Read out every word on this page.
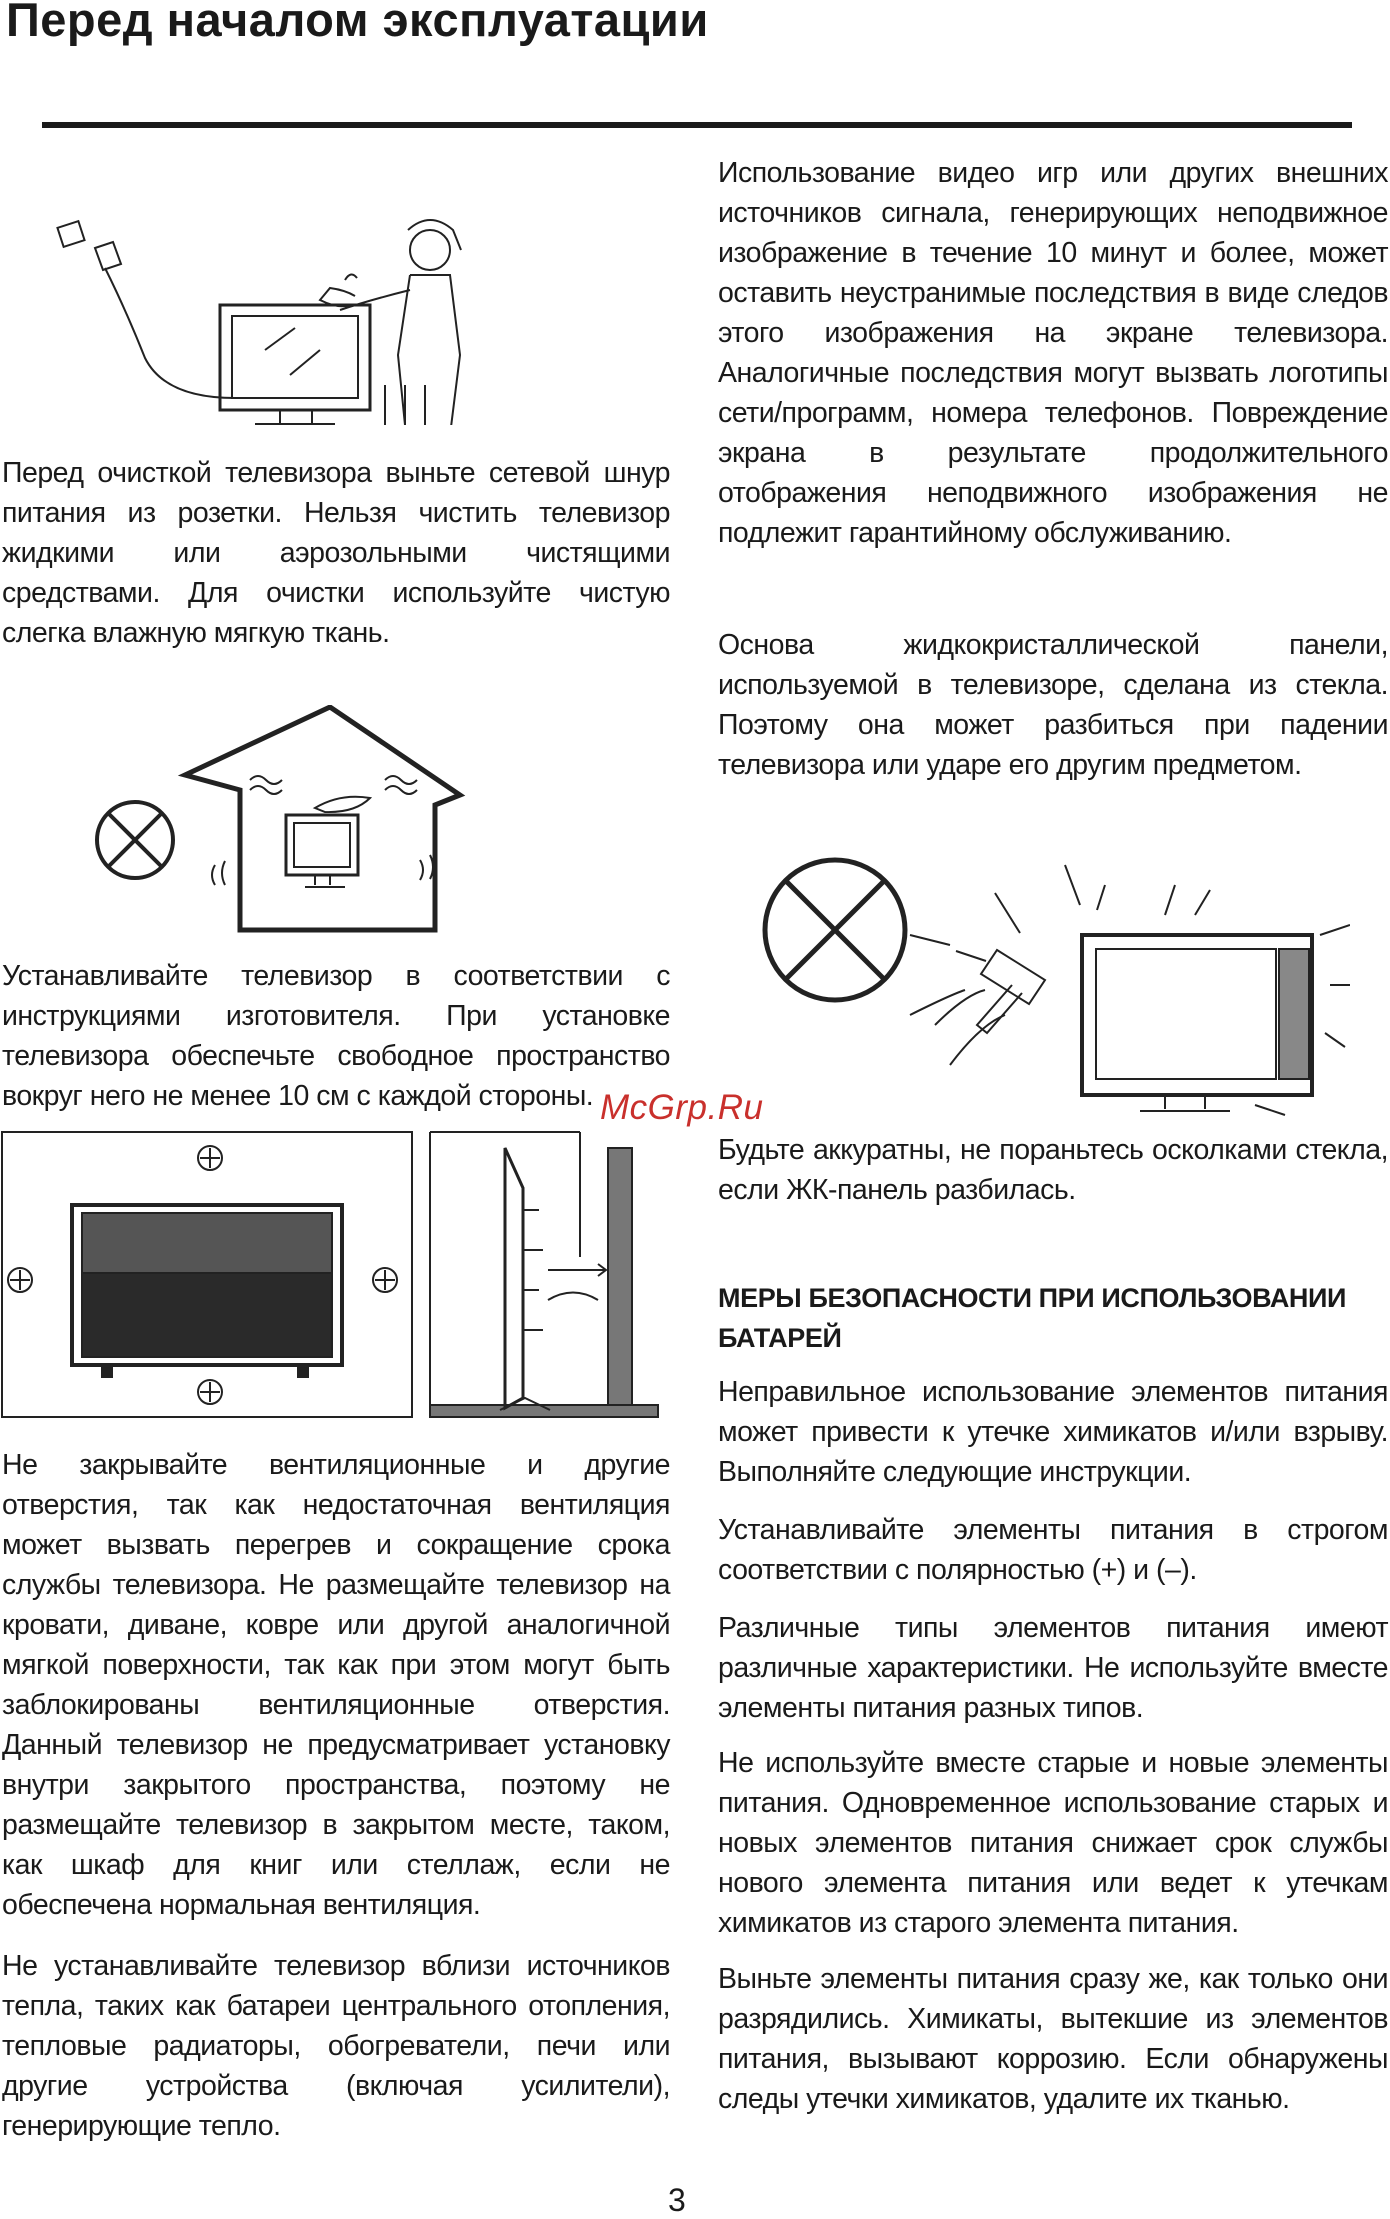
Перед началом эксплуатации

Перед очисткой телевизора выньте сетевой шнур питания из розетки. Нельзя чистить телевизор жидкими или аэрозольными чистящими средствами. Для очистки используйте чистую слегка влажную мягкую ткань.

Устанавливайте телевизор в соответствии с инструкциями изготовителя. При установке телевизора обеспечьте свободное пространство вокруг него не менее 10 см с каждой стороны.

Не закрывайте вентиляционные и другие отверстия, так как недостаточная вентиляция может вызвать перегрев и сокращение срока службы телевизора. Не размещайте телевизор на кровати, диване, ковре или другой аналогичной мягкой поверхности, так как при этом могут быть заблокированы вентиляционные отверстия. Данный телевизор не предусматривает установку внутри закрытого пространства, поэтому не размещайте телевизор в закрытом месте, таком, как шкаф для книг или стеллаж, если не обеспечена нормальная вентиляция.

Не устанавливайте телевизор вблизи источников тепла, таких как батареи центрального отопления, тепловые радиаторы, обогреватели, печи или другие устройства (включая усилители), генерирующие тепло.

Использование видео игр или других внешних источников сигнала, генерирующих неподвижное изображение в течение 10 минут и более, может оставить неустранимые последствия в виде следов этого изображения на экране телевизора. Аналогичные последствия могут вызвать логотипы сети/программ, номера телефонов. Повреждение экрана в результате продолжительного отображения неподвижного изображения не подлежит гарантийному обслуживанию.

Основа жидкокристаллической панели, используемой в телевизоре, сделана из стекла. Поэтому она может разбиться при падении телевизора или ударе его другим предметом.

Будьте аккуратны, не пораньтесь осколками стекла, если ЖК-панель разбилась.

МЕРЫ БЕЗОПАСНОСТИ ПРИ ИСПОЛЬЗОВАНИИ БАТАРЕЙ

Неправильное использование элементов питания может привести к утечке химикатов и/или взрыву. Выполняйте следующие инструкции.

Устанавливайте элементы питания в строгом соответствии с полярностью (+) и (–).

Различные типы элементов питания имеют различные характеристики. Не используйте вместе элементы питания разных типов.

Не используйте вместе старые и новые элементы питания. Одновременное использование старых и новых элементов питания снижает срок службы нового элемента питания или ведет к утечкам химикатов из старого элемента питания.

Выньте элементы питания сразу же, как только они разрядились. Химикаты, вытекшие из элементов питания, вызывают коррозию. Если обнаружены следы утечки химикатов, удалите их тканью.

McGrp.Ru

3
